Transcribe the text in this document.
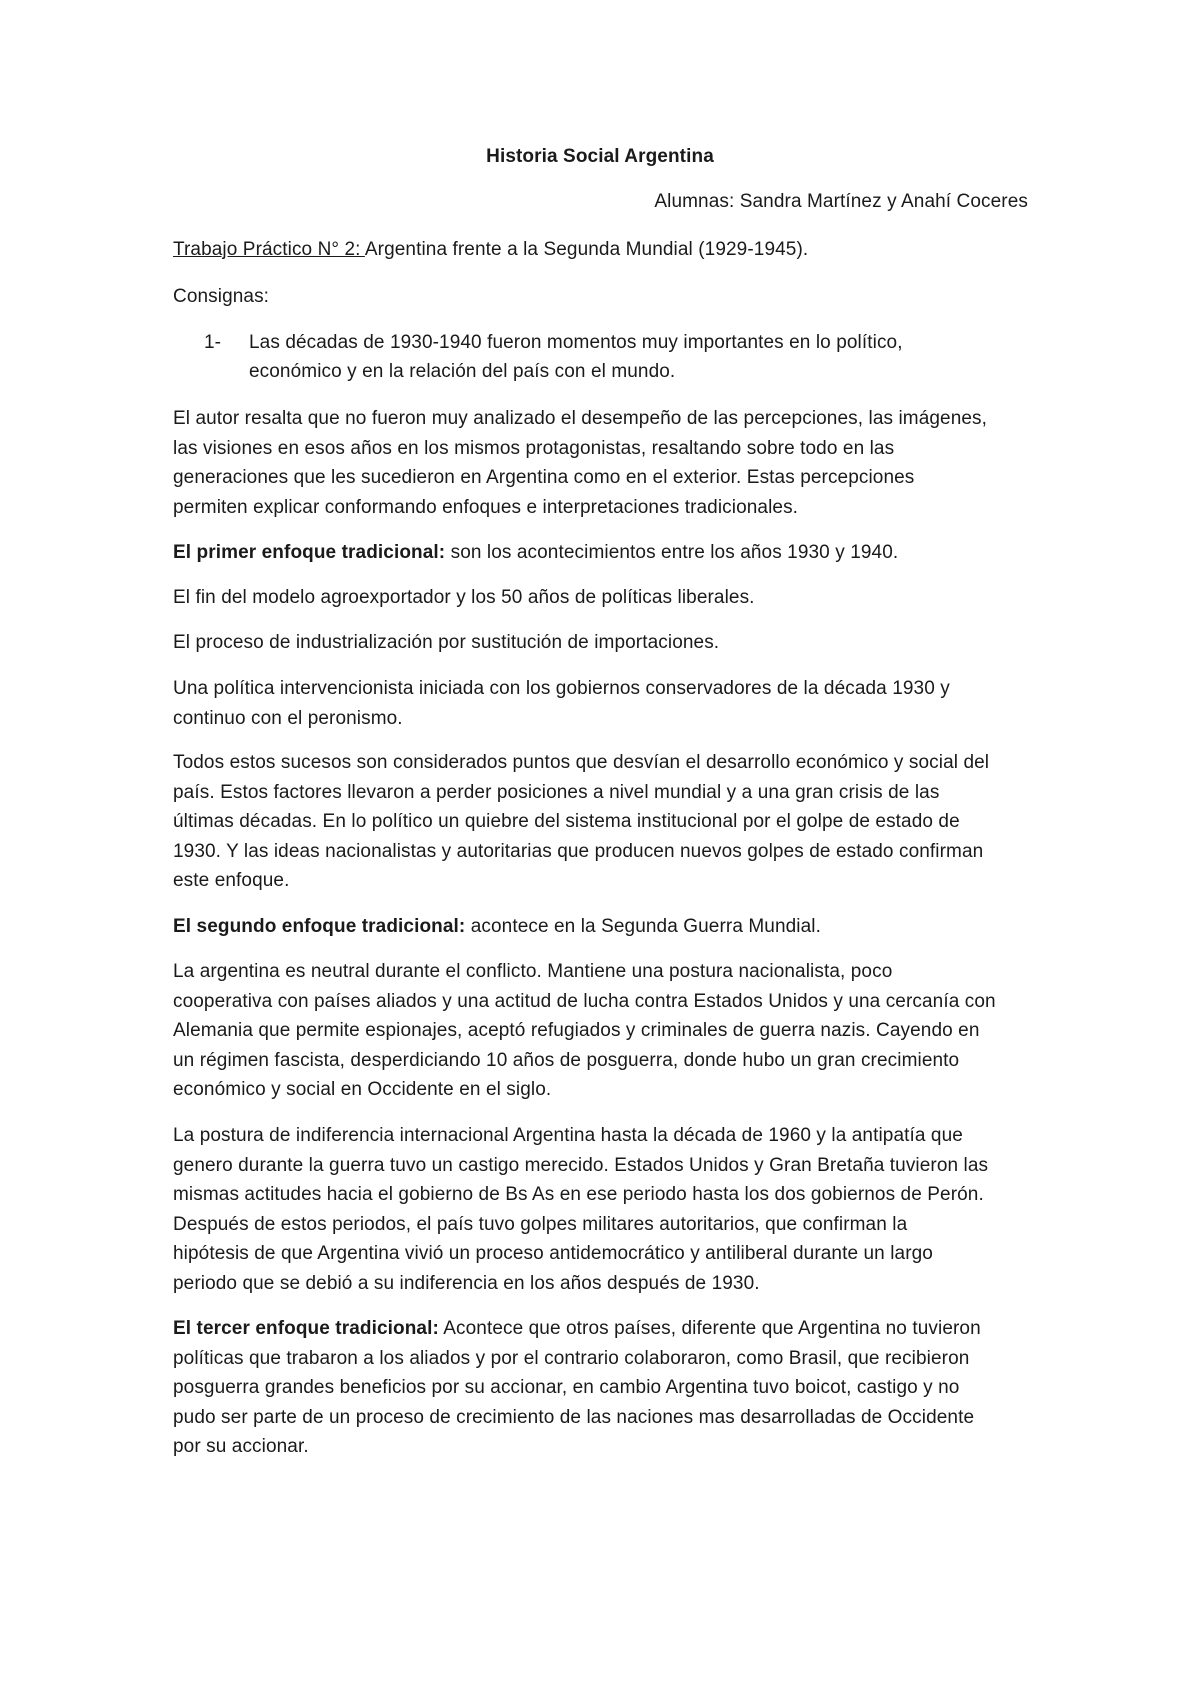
Historia Social Argentina
Alumnas: Sandra Martínez y Anahí Coceres
Trabajo Práctico N° 2: Argentina frente a la Segunda Mundial (1929-1945).
Consignas:
1- Las décadas de 1930-1940 fueron momentos muy importantes en lo político,
económico y en la relación del país con el mundo.
El autor resalta que no fueron muy analizado el desempeño de las percepciones, las imágenes,
las visiones en esos años en los mismos protagonistas, resaltando sobre todo en las
generaciones que les sucedieron en Argentina como en el exterior. Estas percepciones
permiten explicar conformando enfoques e interpretaciones tradicionales.
El primer enfoque tradicional: son los acontecimientos entre los años 1930 y 1940.
El fin del modelo agroexportador y los 50 años de políticas liberales.
El proceso de industrialización por sustitución de importaciones.
Una política intervencionista iniciada con los gobiernos conservadores de la década 1930 y
continuo con el peronismo.
Todos estos sucesos son considerados puntos que desvían el desarrollo económico y social del
país. Estos factores llevaron a perder posiciones a nivel mundial y a una gran crisis de las
últimas décadas. En lo político un quiebre del sistema institucional por el golpe de estado de
1930. Y las ideas nacionalistas y autoritarias que producen nuevos golpes de estado confirman
este enfoque.
El segundo enfoque tradicional: acontece en la Segunda Guerra Mundial.
La argentina es neutral durante el conflicto. Mantiene una postura nacionalista, poco
cooperativa con países aliados y una actitud de lucha contra Estados Unidos y una cercanía con
Alemania que permite espionajes, aceptó refugiados y criminales de guerra nazis. Cayendo en
un régimen fascista, desperdiciando 10 años de posguerra, donde hubo un gran crecimiento
económico y social en Occidente en el siglo.
La postura de indiferencia internacional Argentina hasta la década de 1960 y la antipatía que
genero durante la guerra tuvo un castigo merecido. Estados Unidos y Gran Bretaña tuvieron las
mismas actitudes hacia el gobierno de Bs As en ese periodo hasta los dos gobiernos de Perón.
Después de estos periodos, el país tuvo golpes militares autoritarios, que confirman la
hipótesis de que Argentina vivió un proceso antidemocrático y antiliberal durante un largo
periodo que se debió a su indiferencia en los años después de 1930.
El tercer enfoque tradicional: Acontece que otros países, diferente que Argentina no tuvieron
políticas que trabaron a los aliados y por el contrario colaboraron, como Brasil, que recibieron
posguerra grandes beneficios por su accionar, en cambio Argentina tuvo boicot, castigo y no
pudo ser parte de un proceso de crecimiento de las naciones mas desarrolladas de Occidente
por su accionar.
